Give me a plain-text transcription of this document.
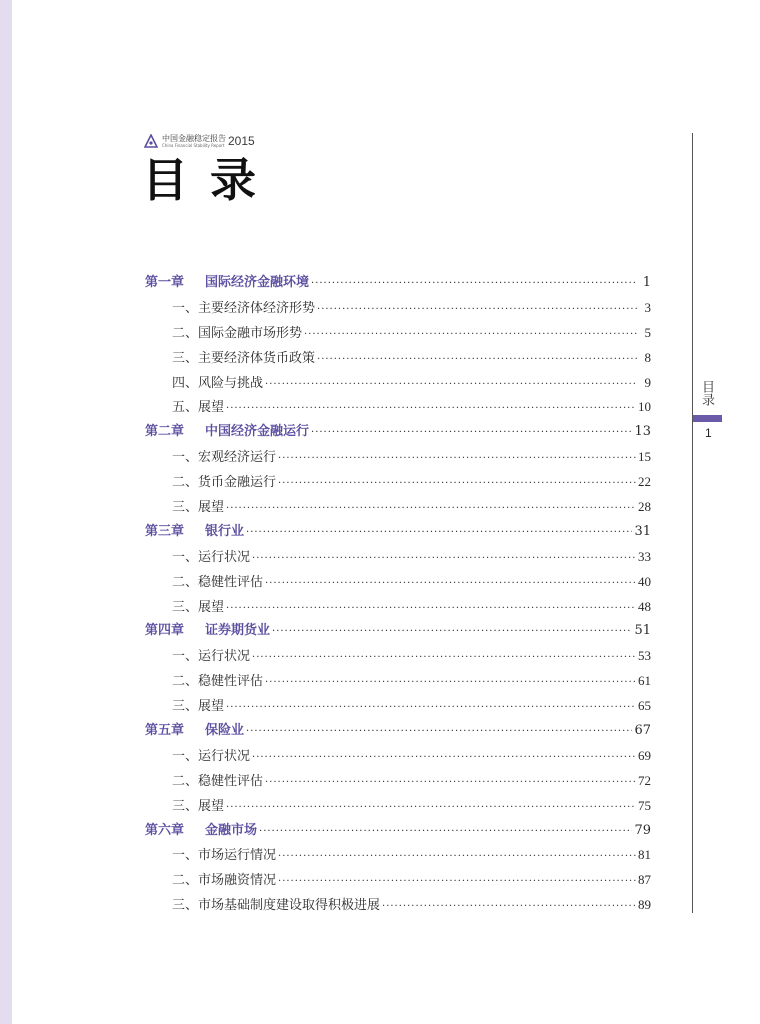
中国金融稳定报告
China Financial Stability Report 2015
目录
目录
1
第一章	国际经济金融环境 ·····	1
一、主要经济体经济形势 ·····	3
二、国际金融市场形势 ·····	5
三、主要经济体货币政策 ·····	8
四、风险与挑战 ·····	9
五、展望 ·····	10
第二章	中国经济金融运行 ·····	13
一、宏观经济运行 ·····	15
二、货币金融运行 ·····	22
三、展望 ·····	28
第三章	银行业 ·····	31
一、运行状况 ·····	33
二、稳健性评估 ·····	40
三、展望 ·····	48
第四章	证券期货业 ·····	51
一、运行状况 ·····	53
二、稳健性评估 ·····	61
三、展望 ·····	65
第五章	保险业 ·····	67
一、运行状况 ·····	69
二、稳健性评估 ·····	72
三、展望 ·····	75
第六章	金融市场 ·····	79
一、市场运行情况 ·····	81
二、市场融资情况 ·····	87
三、市场基础制度建设取得积极进展 ·····	89
